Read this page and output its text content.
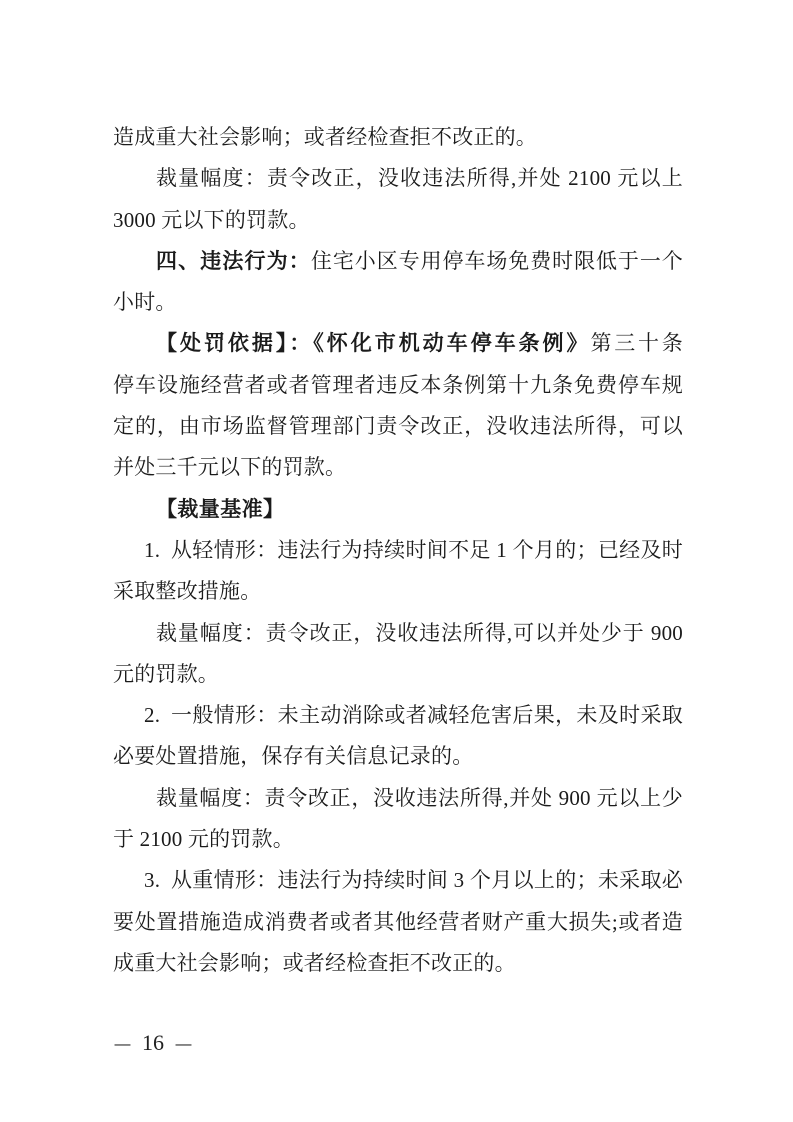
造成重大社会影响；或者经检查拒不改正的。

裁量幅度：责令改正，没收违法所得,并处 2100 元以上 3000 元以下的罚款。

四、违法行为：住宅小区专用停车场免费时限低于一个小时。

【处罚依据】：《怀化市机动车停车条例》第三十条　　停车设施经营者或者管理者违反本条例第十九条免费停车规定的，由市场监督管理部门责令改正，没收违法所得，可以并处三千元以下的罚款。

【裁量基准】

1. 从轻情形：违法行为持续时间不足 1 个月的；已经及时采取整改措施。

裁量幅度：责令改正，没收违法所得,可以并处少于 900 元的罚款。

2. 一般情形：未主动消除或者减轻危害后果，未及时采取必要处置措施，保存有关信息记录的。

裁量幅度：责令改正，没收违法所得,并处 900 元以上少于 2100 元的罚款。

3. 从重情形：违法行为持续时间 3 个月以上的；未采取必要处置措施造成消费者或者其他经营者财产重大损失;或者造成重大社会影响；或者经检查拒不改正的。

— 16 —
